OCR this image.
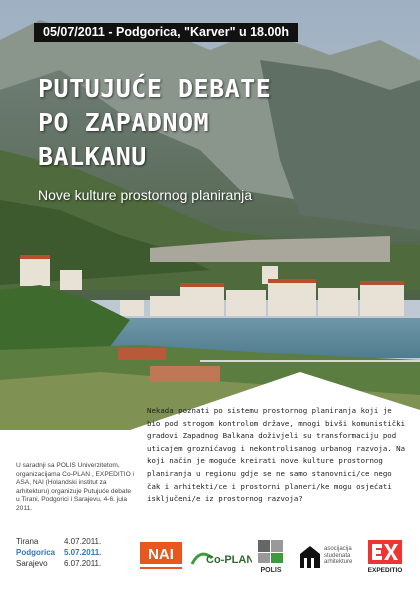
05/07/2011 - Podgorica, "Karver" u 18.00h
PUTUJUĆE DEBATE
PO ZAPADNOM
BALKANU

Nove kulture prostornog planiranja

Nekada poznati po sistemu prostornog planiranja koji je bio pod strogom kontrolom države, mnogi bivši komunistički gradovi Zapadnog Balkana doživjeli su transformaciju pod uticajem groznićavog i nekontrolisanog urbanog razvoja. Na koji način je moguće kreirati nove kulture prostornog planiranja u regionu gdje se ne samo stanovnici/ce nego čak i arhitekti/ce i prostorni planeri/ke mogu osjećati isključeni/e iz prostornog razvoja?

U saradnji sa POLIS Univerzitetom, organizacijama Co-PLAN , EXPEDITIO i ASA, NAI (Holandski institut za arhitekturu) organizuje Putujuće debate u Tirani, Podgorici i Sarajevu, 4-6. jula 2011.

Tirana	4.07.2011.
Podgorica	5.07.2011.
Sarajevo	6.07.2011.
NAI	Co-PLAN
POLIS
asocijacija studenata arhitekture
EXPEDITIO
